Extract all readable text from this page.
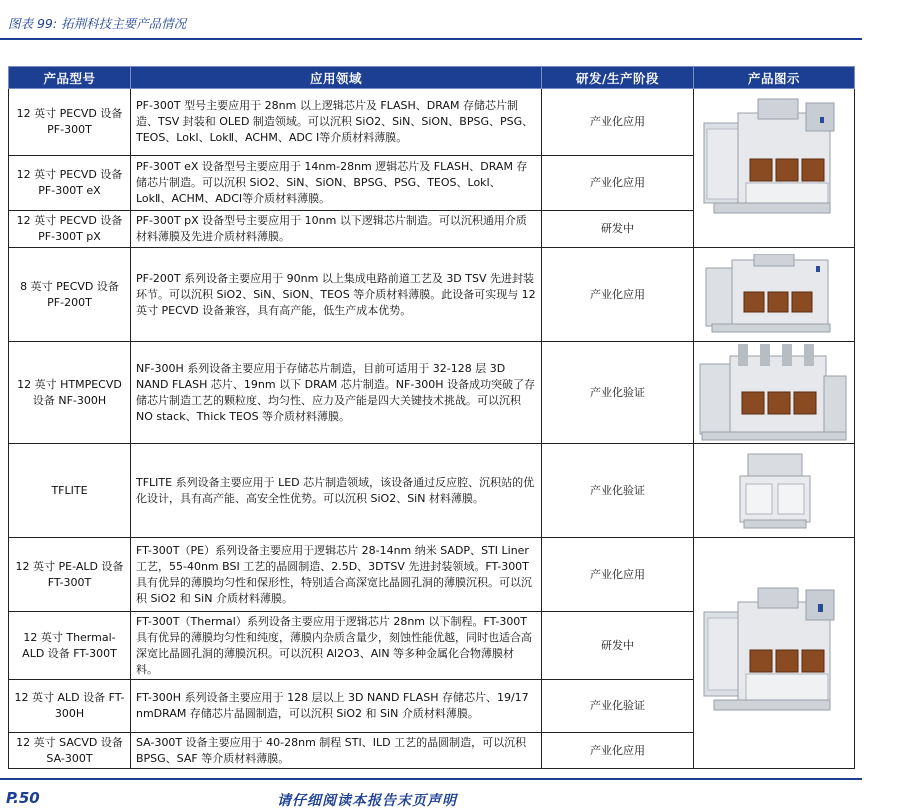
图表 99: 拓荆科技主要产品情况
产品型号	应用领域	研发/生产阶段	产品图示
12 英寸 PECVD 设备 PF-300T	PF-300T 型号主要应用于 28nm 以上逻辑芯片及 FLASH、DRAM 存储芯片制造、TSV 封装和 OLED 制造领域。可以沉积 SiO2、SiN、SiON、BPSG、PSG、TEOS、LokⅠ、LokⅡ、ACHM、ADC Ⅰ等介质材料薄膜。	产业化应用	

12 英寸 PECVD 设备 PF-300T eX	PF-300T eX 设备型号主要应用于 14nm-28nm 逻辑芯片及 FLASH、DRAM 存储芯片制造。可以沉积 SiO2、SiN、SiON、BPSG、PSG、TEOS、LokⅠ、LokⅡ、ACHM、ADCⅠ等介质材料薄膜。	产业化应用	
12 英寸 PECVD 设备 PF-300T pX	PF-300T pX 设备型号主要应用于 10nm 以下逻辑芯片制造。可以沉积通用介质材料薄膜及先进介质材料薄膜。	研发中	
8 英寸 PECVD 设备 PF-200T	PF-200T 系列设备主要应用于 90nm 以上集成电路前道工艺及 3D TSV 先进封装环节。可以沉积 SiO2、SiN、SiON、TEOS 等介质材料薄膜。此设备可实现与 12 英寸 PECVD 设备兼容，具有高产能，低生产成本优势。	产业化应用	

12 英寸 HTMPECVD 设备 NF-300H	NF-300H 系列设备主要应用于存储芯片制造，目前可适用于 32-128 层 3D NAND FLASH 芯片、19nm 以下 DRAM 芯片制造。NF-300H 设备成功突破了存储芯片制造工艺的颗粒度、均匀性、应力及产能是四大关键技术挑战。可以沉积 NO stack、Thick TEOS 等介质材料薄膜。	产业化验证	

TFLITE	TFLITE 系列设备主要应用于 LED 芯片制造领域，该设备通过反应腔、沉积站的优化设计，具有高产能、高安全性优势。可以沉积 SiO2、SiN 材料薄膜。	产业化验证	

12 英寸 PE-ALD 设备 FT-300T	FT-300T（PE）系列设备主要应用于逻辑芯片 28-14nm 纳米 SADP、STI Liner 工艺，55-40nm BSI 工艺的晶圆制造、2.5D、3DTSV 先进封装领域。FT-300T 具有优异的薄膜均匀性和保形性，特别适合高深宽比晶圆孔洞的薄膜沉积。可以沉积 SiO2 和 SiN 介质材料薄膜。	产业化应用	

12 英寸 Thermal-ALD 设备 FT-300T	FT-300T（Thermal）系列设备主要应用于逻辑芯片 28nm 以下制程。FT-300T 具有优异的薄膜均匀性和纯度，薄膜内杂质含量少，刻蚀性能优越，同时也适合高深宽比晶圆孔洞的薄膜沉积。可以沉积 Al2O3、AlN 等多种金属化合物薄膜材料。	研发中	
12 英寸 ALD 设备 FT-300H	FT-300H 系列设备主要应用于 128 层以上 3D NAND FLASH 存储芯片、19/17 nmDRAM 存储芯片晶圆制造，可以沉积 SiO2 和 SiN 介质材料薄膜。	产业化验证	
12 英寸 SACVD 设备 SA-300T	SA-300T 设备主要应用于 40-28nm 制程 STI、ILD 工艺的晶圆制造，可以沉积 BPSG、SAF 等介质材料薄膜。	产业化应用	
P.50	请仔细阅读本报告末页声明
